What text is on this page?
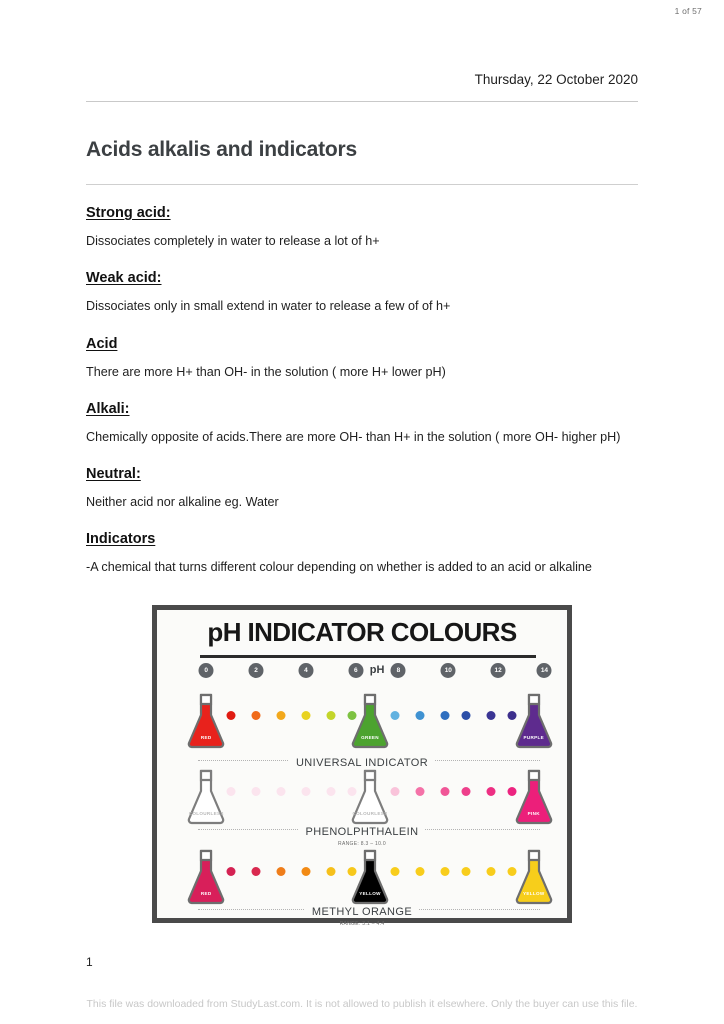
1 of 57
Thursday, 22 October 2020
Acids alkalis and indicators
Strong acid:
Dissociates completely in water to release a lot of h+
Weak acid:
Dissociates only in small extend in water to release a few of of h+
Acid
There are more H+ than OH- in the solution ( more H+ lower pH)
Alkali:
Chemically opposite of acids.There are more OH- than H+ in the solution ( more OH- higher pH)
Neutral:
Neither acid nor alkaline eg. Water
Indicators
-A chemical that turns different colour depending on whether is added to an acid or alkaline
pH INDICATOR COLOURS
0	2	4	6	8	10	12	14
pH
RED	GREEN	PURPLE
UNIVERSAL INDICATOR
COLOURLESS	COLOURLESS	PINK
PHENOLPHTHALEIN
RANGE: 8.3 – 10.0
RED	YELLOW	YELLOW
METHYL ORANGE
RANGE: 3.1 – 4.4
1
This file was downloaded from StudyLast.com. It is not allowed to publish it elsewhere. Only the buyer can use this file.
